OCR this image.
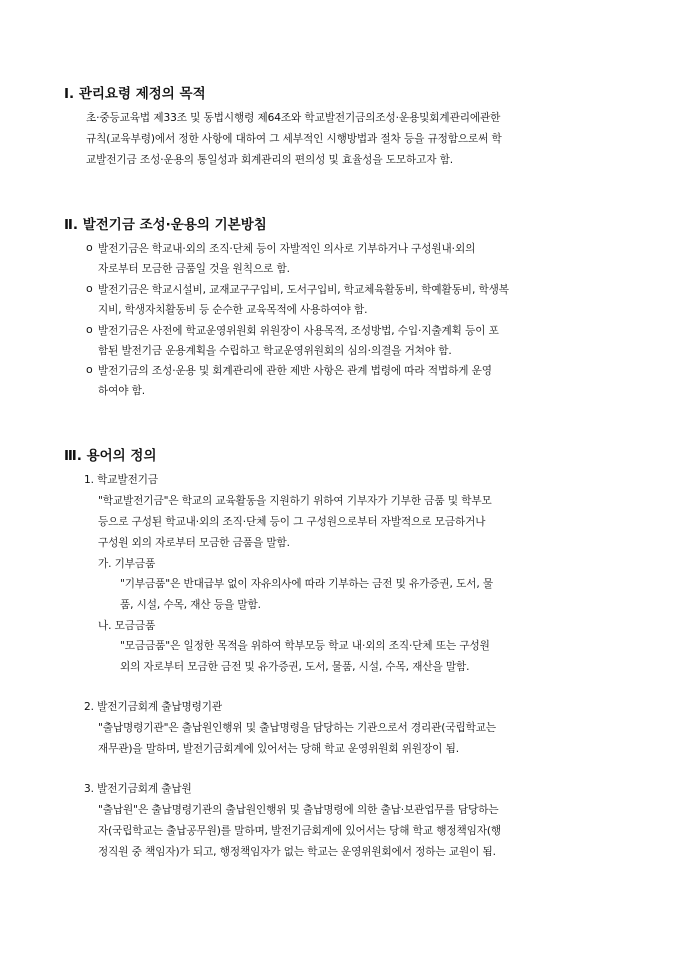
Ⅰ. 관리요령 제정의 목적
초·중등교육법 제33조 및 동법시행령 제64조와 학교발전기금의조성·운용및회계관리에관한
규칙(교육부령)에서 정한 사항에 대하여 그 세부적인 시행방법과 절차 등을 규정함으로써 학
교발전기금 조성·운용의 통일성과 회계관리의 편의성 및 효율성을 도모하고자 함.
Ⅱ. 발전기금 조성·운용의 기본방침
o 발전기금은 학교내·외의 조직·단체 등이 자발적인 의사로 기부하거나 구성원내·외의
자로부터 모금한 금품일 것을 원칙으로 함.
o 발전기금은 학교시설비, 교재교구구입비, 도서구입비, 학교체육활동비, 학예활동비, 학생복
지비, 학생자치활동비 등 순수한 교육목적에 사용하여야 함.
o 발전기금은 사전에 학교운영위원회 위원장이 사용목적, 조성방법, 수입·지출계획 등이 포
함된 발전기금 운용계획을 수립하고 학교운영위원회의 심의·의결을 거쳐야 함.
o 발전기금의 조성·운용 및 회계관리에 관한 제반 사항은 관계 법령에 따라 적법하게 운영
하여야 함.
Ⅲ. 용어의 정의
1. 학교발전기금
"학교발전기금"은 학교의 교육활동을 지원하기 위하여 기부자가 기부한 금품 및 학부모
등으로 구성된 학교내·외의 조직·단체 등이 그 구성원으로부터 자발적으로 모금하거나
구성원 외의 자로부터 모금한 금품을 말함.
가. 기부금품
"기부금품"은 반대급부 없이 자유의사에 따라 기부하는 금전 및 유가증권, 도서, 물
품, 시설, 수목, 재산 등을 말함.
나. 모금금품
"모금금품"은 일정한 목적을 위하여 학부모등 학교 내·외의 조직·단체 또는 구성원
외의 자로부터 모금한 금전 및 유가증권, 도서, 물품, 시설, 수목, 재산을 말함.
2. 발전기금회계 출납명령기관
"출납명령기관"은 출납원인행위 및 출납명령을 담당하는 기관으로서 경리관(국립학교는
재무관)을 말하며, 발전기금회계에 있어서는 당해 학교 운영위원회 위원장이 됨.
3. 발전기금회계 출납원
"출납원"은 출납명령기관의 출납원인행위 및 출납명령에 의한 출납·보관업무를 담당하는
자(국립학교는 출납공무원)를 말하며, 발전기금회계에 있어서는 당해 학교 행정책임자(행
정직원 중 책임자)가 되고, 행정책임자가 없는 학교는 운영위원회에서 정하는 교원이 됨.
